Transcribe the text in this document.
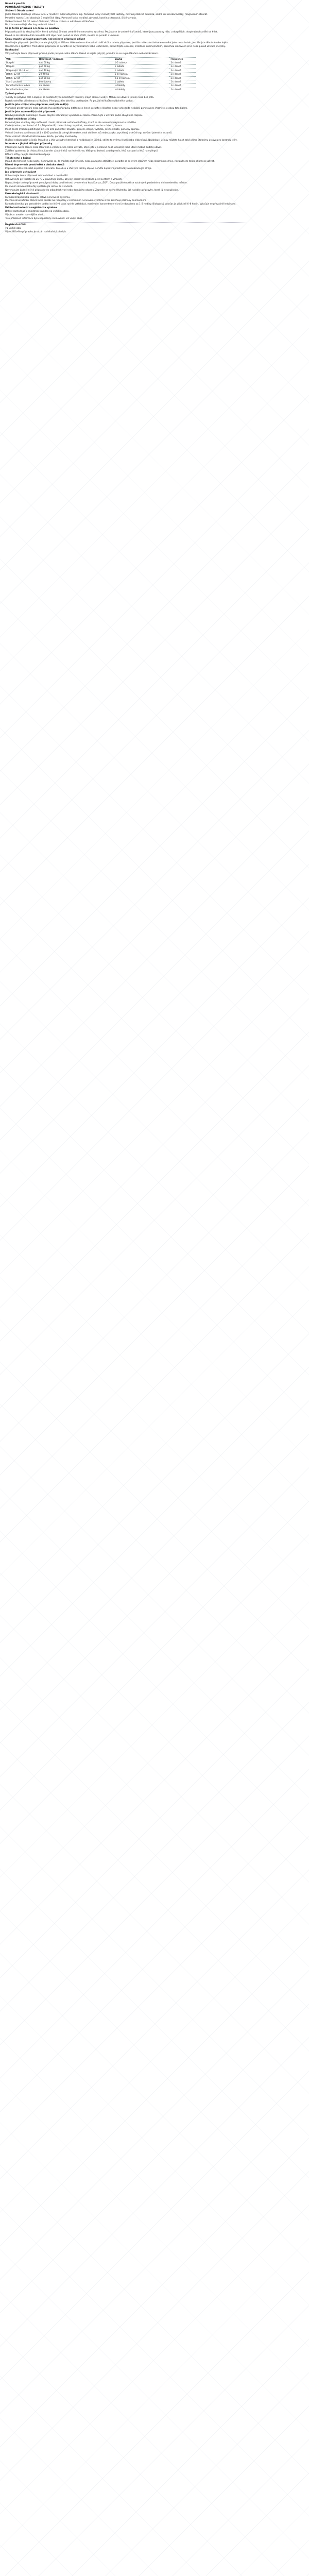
Návod k použití
PERORÁLNÍ ROZTOK / TABLETY
Složení / Obsah balení
Jedna tableta obsahuje léčivou látku v množství odpovídajícím 5 mg. Pomocné látky: monohydrát laktózy, mikrokrystalická celulóza, sodná sůl kroskarmelózy, magnesium-stearát.
Perorální roztok: 1 ml obsahuje 1 mg léčivé látky. Pomocné látky: sorbitol, glycerol, kyselina citronová, čištěná voda.
Velikost balení: 10, 30 nebo 100 tablet; 150 ml roztoku s odměrnou stříkačkou.
Na trhu nemusí být všechny velikosti balení.
Co je tento přípravek a k čemu se používá
Přípravek patří do skupiny léčiv, která ovlivňují činnost centrálního nervového systému. Používá se ke zmírnění příznaků, které jsou popsány níže, u dospělých, dospívajících a dětí od 6 let.
Pokud se do několika dnů nebudete cítit lépe nebo pokud se Vám přitíží, musíte se poradit s lékařem.
Čemu musíte věnovat pozornost, než začnete přípravek užívat
Neužívejte přípravek: jestliže jste alergický(á) na léčivou látku nebo na kteroukoli další složku tohoto přípravku; jestliže máte závažné onemocnění jater nebo ledvin; jestliže jste těhotná nebo kojíte.
Upozornění a opatření: Před užitím přípravku se poraďte se svým lékařem nebo lékárníkem, pokud trpíte epilepsií, srdečním onemocněním, poruchou srážlivosti krve nebo pokud užíváte jiné léky.
Dávkování
Vždy užívejte tento přípravek přesně podle pokynů svého lékaře. Pokud si nejste jistý(á), poraďte se se svým lékařem nebo lékárníkem.
Věk	Hmotnost / indikace	Dávka	Frekvence
Dospělí	nad 60 kg	1–2 tablety	2× denně
Dospělí	pod 60 kg	1 tableta	2× denně
Dospívající 12–18 let	nad 40 kg	1 tableta	2× denně
Děti 6–12 let	20–40 kg	5 ml roztoku	2× denně
Děti 6–12 let	pod 20 kg	2,5 ml roztoku	2× denně
Starší pacienti	bez úpravy	1 tableta	1× denně
Porucha funkce ledvin	dle lékaře	½ tablety	1× denně
Porucha funkce jater	dle lékaře	½ tablety	1× denně
Způsob podání
Tablety se polykají celé a zapíjejí se dostatečným množstvím tekutiny (např. sklenicí vody). Mohou se užívat s jídlem nebo bez jídla.
Roztok odměřte přiloženou stříkačkou. Před použitím lahvičku protřepejte. Po použití stříkačku opláchněte vodou.
Jestliže jste užil(a) více přípravku, než jste měl(a)
V případě předávkování nebo náhodného požití přípravku dítětem se ihned poraďte s lékařem nebo vyhledejte nejbližší pohotovost. Vezměte s sebou toto balení.
Jestliže jste zapomněl(a) užít přípravek
Nezdvojnásobujte následující dávku, abyste nahradil(a) vynechanou dávku. Pokračujte v užívání podle obvyklého rozpisu.
Možné nežádoucí účinky
Podobně jako všechny léky může mít i tento přípravek nežádoucí účinky, které se ale nemusí vyskytnout u každého.
Časté (mohou postihnout až 1 z 10 pacientů): bolest hlavy, ospalost, nevolnost, sucho v ústech, únava.
Méně časté (mohou postihnout až 1 ze 100 pacientů): závratě, průjem, zácpa, vyrážka, svědění kůže, poruchy spánku.
Vzácné (mohou postihnout až 1 z 1000 pacientů): alergické reakce, otok obličeje, rtů nebo jazyka, zrychlený srdeční tep, zvýšení jaterních enzymů.
Velmi vzácné: závažné kožní reakce, křeče, poruchy krvetvorby.
Hlášení nežádoucích účinků: Pokud se u Vás vyskytne kterýkoli z nežádoucích účinků, sdělte to svému lékaři nebo lékárníkovi. Nežádoucí účinky můžete hlásit také přímo Státnímu ústavu pro kontrolu léčiv.
Interakce s jinými léčivými přípravky
Informujte svého lékaře nebo lékárníka o všech lécích, které užíváte, které jste v nedávné době užíval(a) nebo které možná budete užívat.
Zvláštní opatrnosti je třeba při současném užívání léků na ředění krve, léků proti bolesti, antidepresiv, léků na spaní a léků na epilepsii.
Během léčby nepijte alkoholické nápoje.
Těhotenství a kojení
Pokud jste těhotná nebo kojíte, domníváte se, že můžete být těhotná, nebo plánujete otěhotnět, poraďte se se svým lékařem nebo lékárníkem dříve, než začnete tento přípravek užívat.
Řízení dopravních prostředků a obsluha strojů
Přípravek může způsobit ospalost a závratě. Pokud se u Vás tyto účinky objeví, neřiďte dopravní prostředky a neobsluhujte stroje.
Jak přípravek uchovávat
Uchovávejte tento přípravek mimo dohled a dosah dětí.
Uchovávejte při teplotě do 25 °C v původním obalu, aby byl přípravek chráněn před světlem a vlhkostí.
Nepoužívejte tento přípravek po uplynutí doby použitelnosti uvedené na krabičce za „EXP“. Doba použitelnosti se vztahuje k poslednímu dni uvedeného měsíce.
Po prvním otevření lahvičky spotřebujte roztok do 3 měsíců.
Nevyhazujte žádné léčivé přípravky do odpadních vod nebo domácího odpadu. Zeptejte se svého lékárníka, jak naložit s přípravky, které již nepoužíváte.
Farmakologické vlastnosti
Farmakoterapeutická skupina: léčiva nervového systému.
Mechanismus účinku: léčivá látka působí na receptory v centrálním nervovém systému a tím zmírňuje příznaky onemocnění.
Farmakokinetika: po perorálním podání se léčivá látka rychle vstřebává, maximální koncentrace v krvi je dosaženo za 1–2 hodiny. Biologický poločas je přibližně 6–8 hodin. Vylučuje se převážně ledvinami.
Držitel rozhodnutí o registraci a výrobce
Držitel rozhodnutí o registraci: uveden na vnějším obalu.
Výrobce: uveden na vnějším obalu.
Tato příbalová informace byla naposledy revidována: viz vnější obal.
Registrační číslo
viz vnější obal
Výdej léčivého přípravku je vázán na lékařský předpis.
